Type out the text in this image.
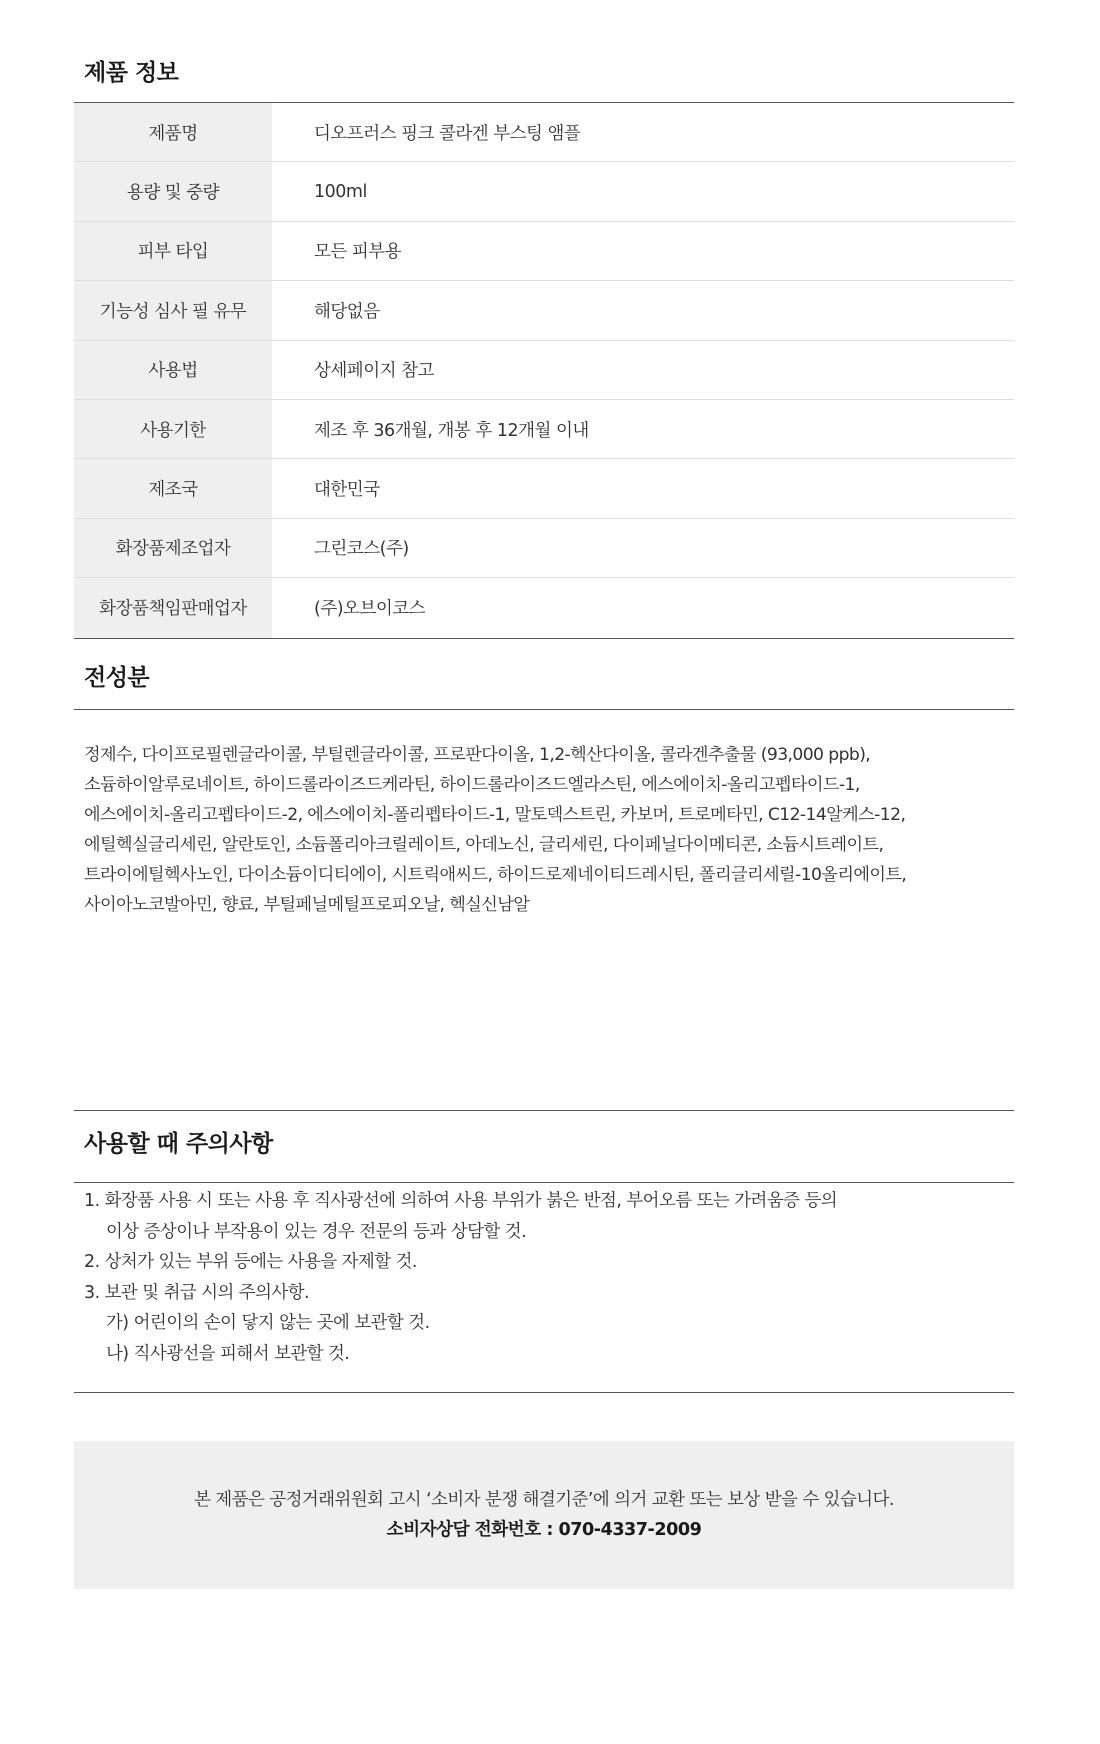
제품 정보
제품명	디오프러스 핑크 콜라겐 부스팅 앰플
용량 및 중량	100ml
피부 타입	모든 피부용
기능성 심사 필 유무	해당없음
사용법	상세페이지 참고
사용기한	제조 후 36개월, 개봉 후 12개월 이내
제조국	대한민국
화장품제조업자	그린코스(주)
화장품책임판매업자	(주)오브이코스
전성분
정제수, 다이프로필렌글라이콜, 부틸렌글라이콜, 프로판다이올, 1,2-헥산다이올, 콜라겐추출물 (93,000 ppb),
소듐하이알루로네이트, 하이드롤라이즈드케라틴, 하이드롤라이즈드엘라스틴, 에스에이치-올리고펩타이드-1,
에스에이치-올리고펩타이드-2, 에스에이치-폴리펩타이드-1, 말토덱스트린, 카보머, 트로메타민, C12-14알케스-12,
에틸헥실글리세린, 알란토인, 소듐폴리아크릴레이트, 아데노신, 글리세린, 다이페닐다이메티콘, 소듐시트레이트,
트라이에틸헥사노인, 다이소듐이디티에이, 시트릭애씨드, 하이드로제네이티드레시틴, 폴리글리세릴-10올리에이트,
사이아노코발아민, 향료, 부틸페닐메틸프로피오날, 헥실신남알
사용할 때 주의사항
1. 화장품 사용 시 또는 사용 후 직사광선에 의하여 사용 부위가 붉은 반점, 부어오름 또는 가려움증 등의
이상 증상이나 부작용이 있는 경우 전문의 등과 상담할 것.
2. 상처가 있는 부위 등에는 사용을 자제할 것.
3. 보관 및 취급 시의 주의사항.
가) 어린이의 손이 닿지 않는 곳에 보관할 것.
나) 직사광선을 피해서 보관할 것.
본 제품은 공정거래위원회 고시 ‘소비자 분쟁 해결기준’에 의거 교환 또는 보상 받을 수 있습니다.
소비자상담 전화번호 : 070-4337-2009
